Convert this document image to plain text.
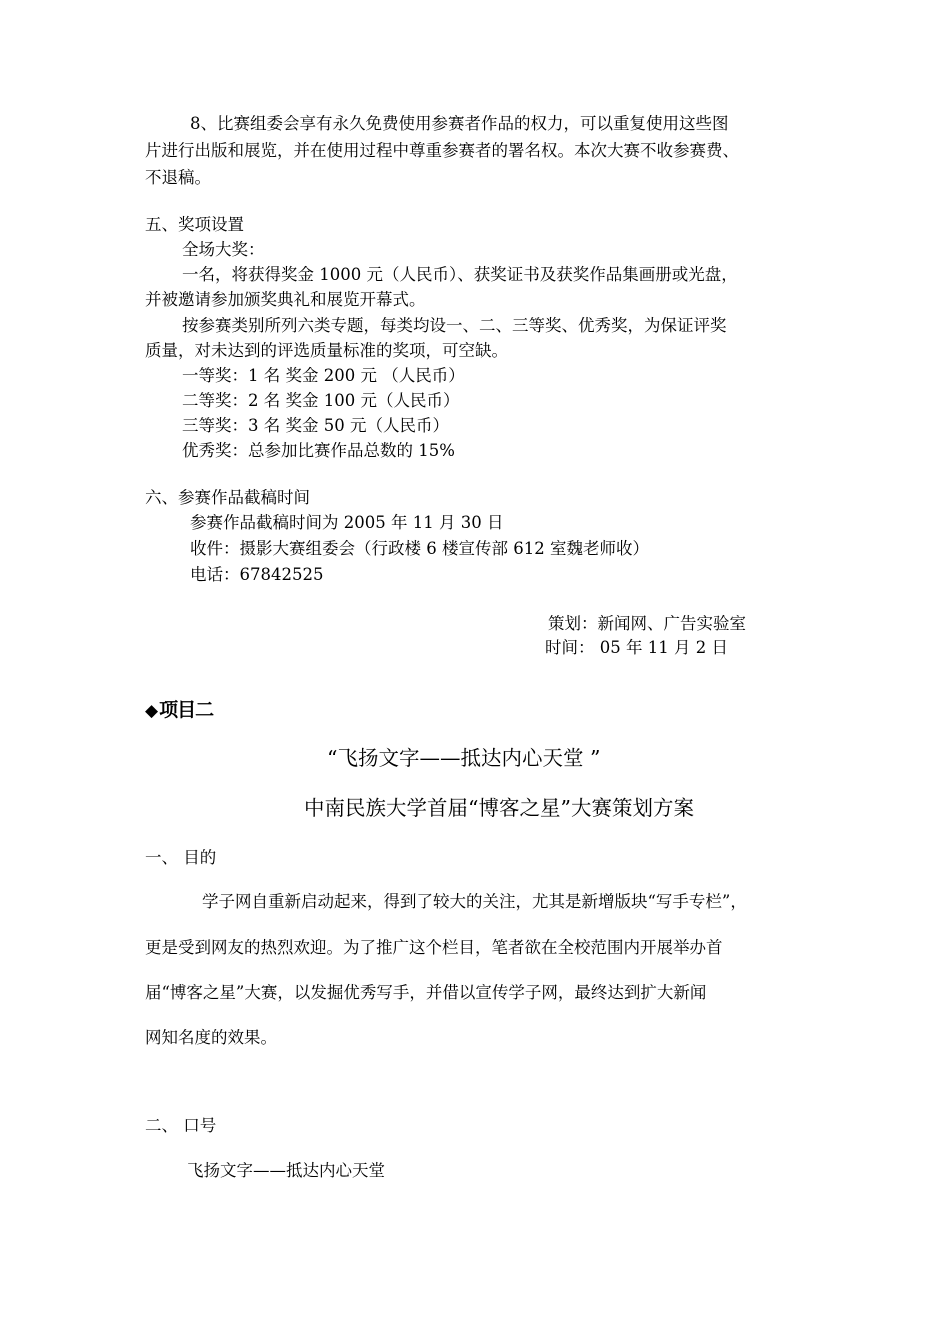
8、比赛组委会享有永久免费使用参赛者作品的权力，可以重复使用这些图
片进行出版和展览，并在使用过程中尊重参赛者的署名权。本次大赛不收参赛费、
不退稿。
五、奖项设置
全场大奖：
一名，将获得奖金 1000 元（人民币）、获奖证书及获奖作品集画册或光盘，
并被邀请参加颁奖典礼和展览开幕式。
按参赛类别所列六类专题，每类均设一、二、三等奖、优秀奖，为保证评奖
质量，对未达到的评选质量标准的奖项，可空缺。
一等奖：1 名 奖金 200 元 （人民币）
二等奖：2 名 奖金 100 元（人民币）
三等奖：3 名 奖金 50 元（人民币）
优秀奖：总参加比赛作品总数的 15%
六、参赛作品截稿时间
参赛作品截稿时间为 2005 年 11 月 30 日
收件：摄影大赛组委会（行政楼 6 楼宣传部 612 室魏老师收）
电话：67842525
策划：新闻网、广告实验室
时间： 05 年 11 月 2 日
◆ 项目二
“飞扬文字——抵达内心天堂 ”
中南民族大学首届“博客之星”大赛策划方案
一、 目的
学子网自重新启动起来，得到了较大的关注，尤其是新增版块“写手专栏”，
更是受到网友的热烈欢迎。为了推广这个栏目，笔者欲在全校范围内开展举办首
届“博客之星”大赛，以发掘优秀写手，并借以宣传学子网，最终达到扩大新闻
网知名度的效果。
二、 口号
飞扬文字——抵达内心天堂
